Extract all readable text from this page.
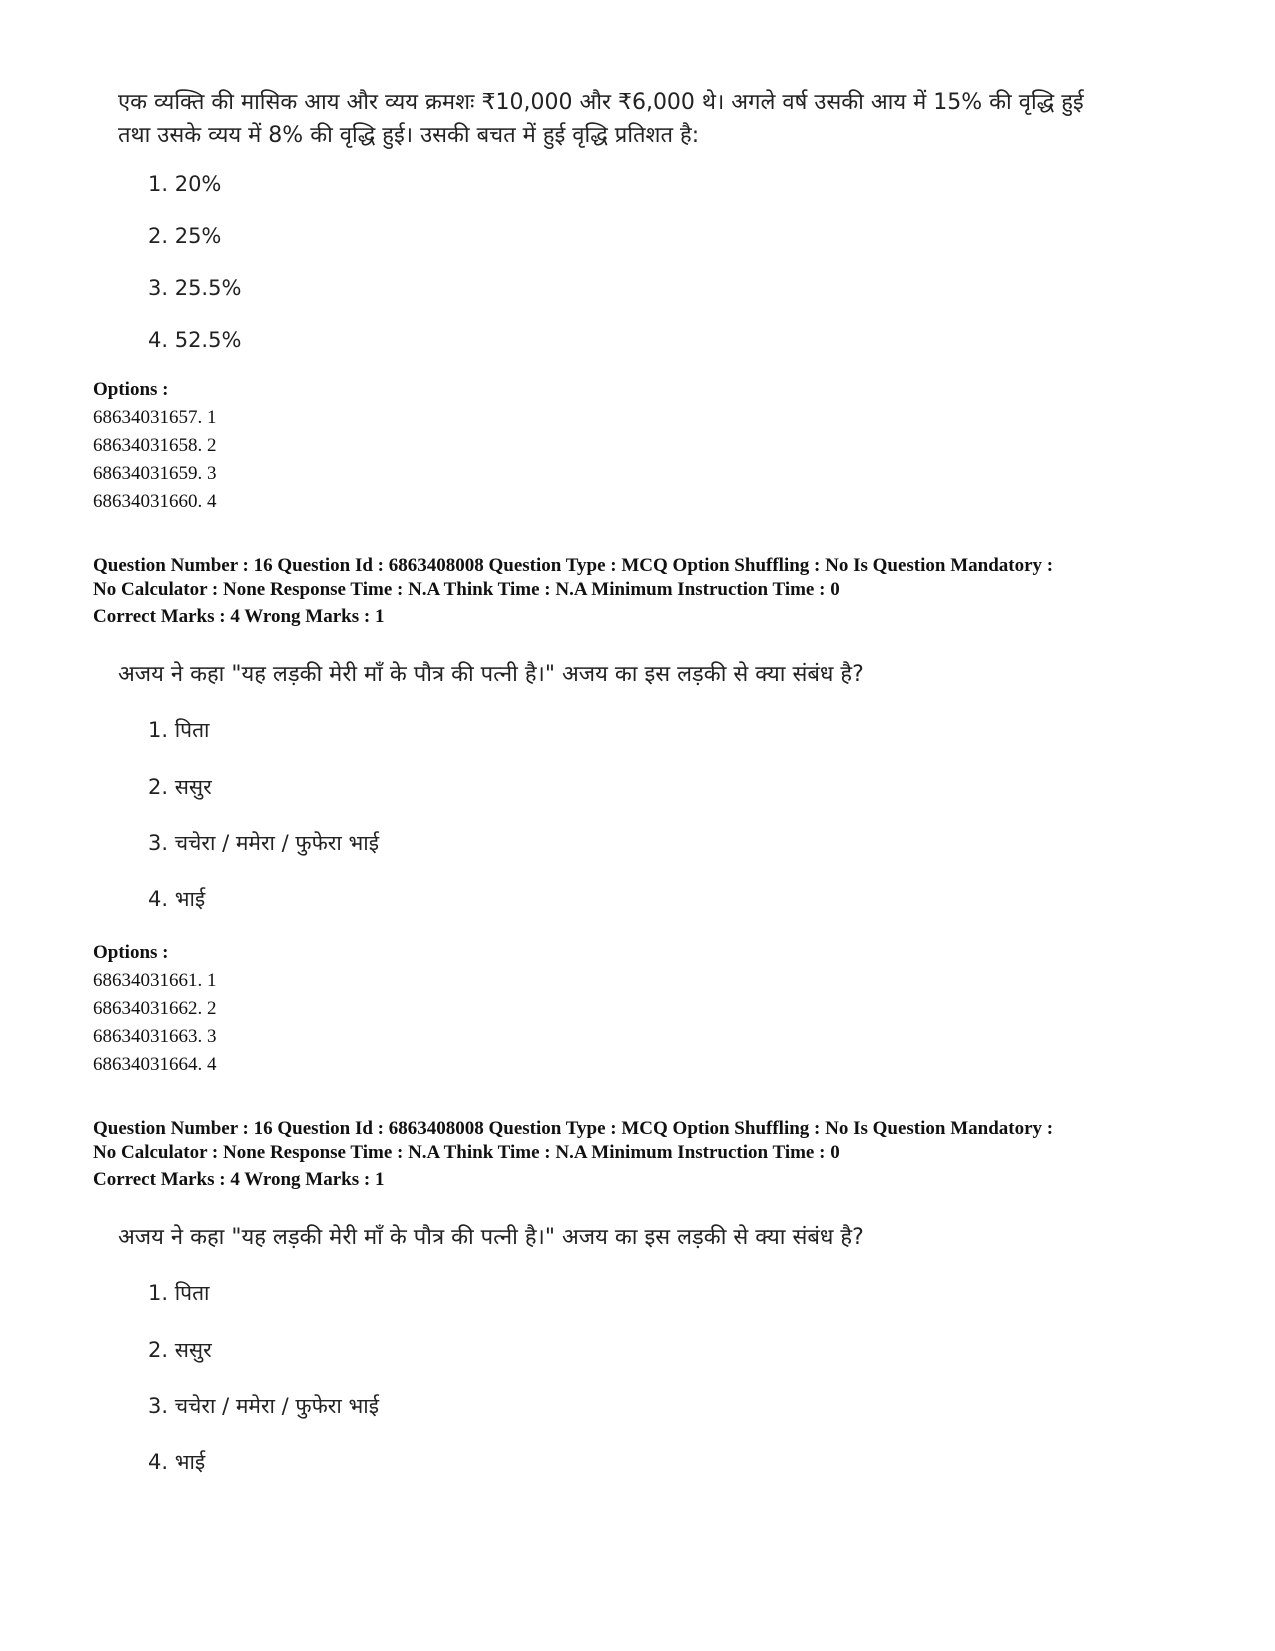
एक व्यक्ति की मासिक आय और व्यय क्रमशः ₹10,000 और ₹6,000 थे। अगले वर्ष उसकी आय में 15% की वृद्धि हुई
तथा उसके व्यय में 8% की वृद्धि हुई। उसकी बचत में हुई वृद्धि प्रतिशत है:
1. 20%
2. 25%
3. 25.5%
4. 52.5%
Options :
68634031657. 1
68634031658. 2
68634031659. 3
68634031660. 4
Question Number : 16 Question Id : 6863408008 Question Type : MCQ Option Shuffling : No Is Question Mandatory :
No Calculator : None Response Time : N.A Think Time : N.A Minimum Instruction Time : 0
Correct Marks : 4 Wrong Marks : 1
अजय ने कहा "यह लड़की मेरी माँ के पौत्र की पत्नी है।" अजय का इस लड़की से क्या संबंध है?
1. पिता
2. ससुर
3. चचेरा / ममेरा / फुफेरा भाई
4. भाई
Options :
68634031661. 1
68634031662. 2
68634031663. 3
68634031664. 4
Question Number : 16 Question Id : 6863408008 Question Type : MCQ Option Shuffling : No Is Question Mandatory :
No Calculator : None Response Time : N.A Think Time : N.A Minimum Instruction Time : 0
Correct Marks : 4 Wrong Marks : 1
अजय ने कहा "यह लड़की मेरी माँ के पौत्र की पत्नी है।" अजय का इस लड़की से क्या संबंध है?
1. पिता
2. ससुर
3. चचेरा / ममेरा / फुफेरा भाई
4. भाई
